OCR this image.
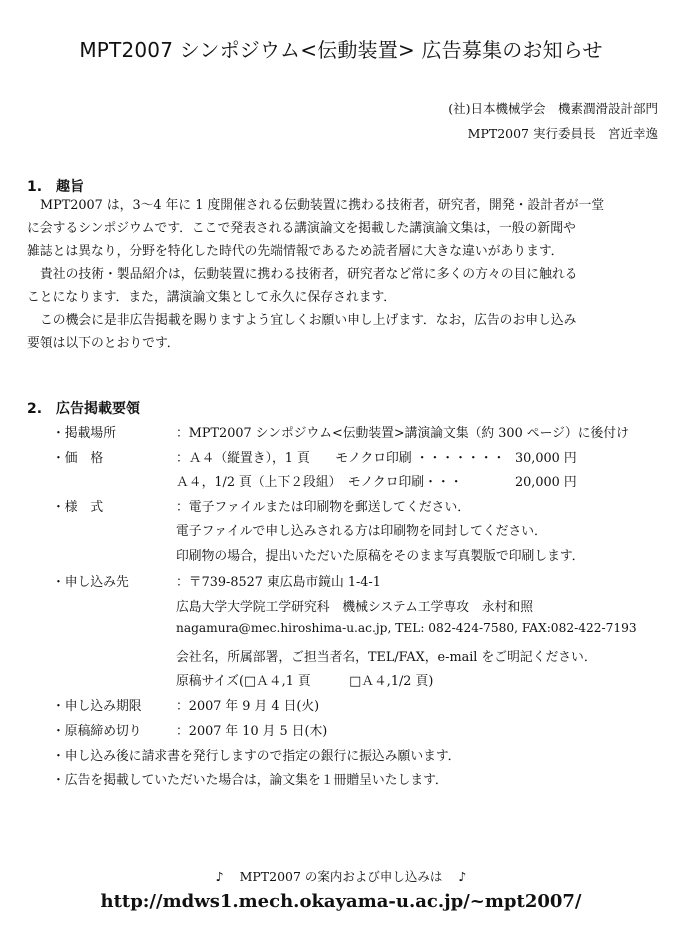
MPT2007 シンポジウム<伝動装置> 広告募集のお知らせ
(社)日本機械学会　機素潤滑設計部門
MPT2007 実行委員長　宮近幸逸
1.　趣旨
MPT2007 は，3～4 年に 1 度開催される伝動装置に携わる技術者，研究者，開発・設計者が一堂
に会するシンポジウムです．ここで発表される講演論文を掲載した講演論文集は，一般の新聞や
雑誌とは異なり，分野を特化した時代の先端情報であるため読者層に大きな違いがあります．
貴社の技術・製品紹介は，伝動装置に携わる技術者，研究者など常に多くの方々の目に触れる
ことになります．また，講演論文集として永久に保存されます．
この機会に是非広告掲載を賜りますよう宜しくお願い申し上げます．なお，広告のお申し込み
要領は以下のとおりです．
2.　広告掲載要領
・掲載場所	：MPT2007 シンポジウム<伝動装置>講演論文集（約 300 ページ）に後付け
・価　格	：Ａ４（縦置き），1 頁　　モノクロ印刷 ・・・・・・・ 30,000 円
Ａ４，1/2 頁（上下２段組）　モノクロ印刷・・・	20,000 円
・様　式	：電子ファイルまたは印刷物を郵送してください．
電子ファイルで申し込みされる方は印刷物を同封してください．
印刷物の場合，提出いただいた原稿をそのまま写真製版で印刷します．
・申し込み先	：〒739-8527 東広島市鏡山 1-4-1
広島大学大学院工学研究科　機械システム工学専攻　永村和照
nagamura@mec.hiroshima-u.ac.jp, TEL: 082-424-7580, FAX:082-422-7193
会社名，所属部署，ご担当者名，TEL/FAX，e-mail をご明記ください．
原稿サイズ(□Ａ４,1 頁　　　□Ａ４,1/2 頁)
・申し込み期限	：2007 年 9 月 4 日(火)
・原稿締め切り	：2007 年 10 月 5 日(木)
・申し込み後に請求書を発行しますので指定の銀行に振込み願います．
・広告を掲載していただいた場合は，論文集を１冊贈呈いたします．
♪ MPT2007 の案内および申し込みは ♪
http://mdws1.mech.okayama-u.ac.jp/~mpt2007/
